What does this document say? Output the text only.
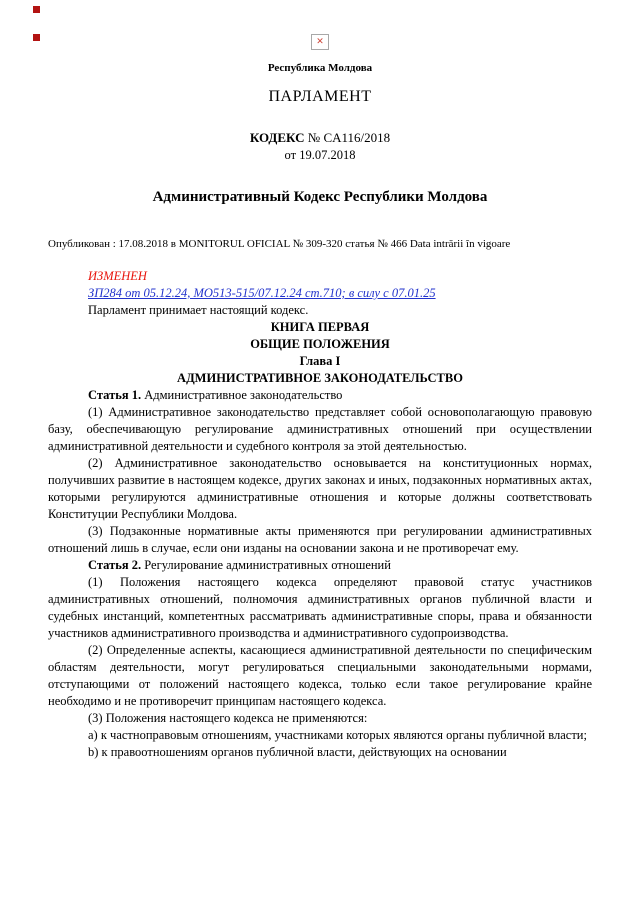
✕
Республика Молдова
ПАРЛАМЕНТ
КОДЕКС № CA116/2018
от 19.07.2018
Административный Кодекс Республики Молдова
Опубликован : 17.08.2018 в MONITORUL OFICIAL № 309-320 статья № 466 Data intrării în vigoare
ИЗМЕНЕН
ЗП284 от 05.12.24, МО513-515/07.12.24 ст.710; в силу с 07.01.25
Парламент принимает настоящий кодекс.
КНИГА ПЕРВАЯ
ОБЩИЕ ПОЛОЖЕНИЯ
Глава I
АДМИНИСТРАТИВНОЕ ЗАКОНОДАТЕЛЬСТВО
Статья 1. Административное законодательство
(1) Административное законодательство представляет собой основополагающую правовую базу, обеспечивающую регулирование административных отношений при осуществлении административной деятельности и судебного контроля за этой деятельностью.
(2) Административное законодательство основывается на конституционных нормах, получивших развитие в настоящем кодексе, других законах и иных, подзаконных нормативных актах, которыми регулируются административные отношения и которые должны соответствовать Конституции Республики Молдова.
(3) Подзаконные нормативные акты применяются при регулировании административных отношений лишь в случае, если они изданы на основании закона и не противоречат ему.
Статья 2. Регулирование административных отношений
(1) Положения настоящего кодекса определяют правовой статус участников административных отношений, полномочия административных органов публичной власти и судебных инстанций, компетентных рассматривать административные споры, права и обязанности участников административного производства и административного судопроизводства.
(2) Определенные аспекты, касающиеся административной деятельности по специфическим областям деятельности, могут регулироваться специальными законодательными нормами, отступающими от положений настоящего кодекса, только если такое регулирование крайне необходимо и не противоречит принципам настоящего кодекса.
(3) Положения настоящего кодекса не применяются:
a) к частноправовым отношениям, участниками которых являются органы публичной власти;
b) к правоотношениям органов публичной власти, действующих на основании
